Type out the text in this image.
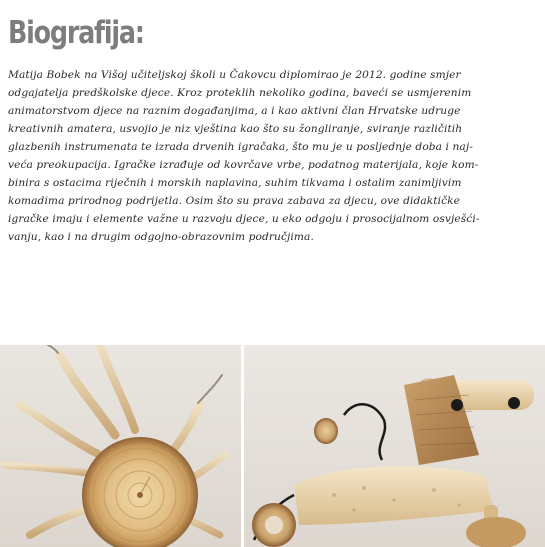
Biografija:

Matija Bobek na Višoj učiteljskoj školi u Čakovcu diplomirao je 2012. godine smjer
odgajatelja predškolske djece. Kroz proteklih nekoliko godina, baveći se usmjerenim
animatorstvom djece na raznim događanjima, a i kao aktivni član Hrvatske udruge
kreativnih amatera, usvojio je niz vještina kao što su žongliranje, sviranje različitih
glazbenih instrumenata te izrada drvenih igračaka, što mu je u posljednje doba i naj-
veća preokupacija. Igračke izrađuje od kovrčave vrbe, podatnog materijala, koje kom-
binira s ostacima riječnih i morskih naplavina, suhim tikvama i ostalim zanimljivim
komadima prirodnog podrijetla. Osim što su prava zabava za djecu, ove didaktičke
igračke imaju i elemente važne u razvoju djece, u eko odgoju i prosocijalnom osvješći-
vanju, kao i na drugim odgojno-obrazovnim područjima.
